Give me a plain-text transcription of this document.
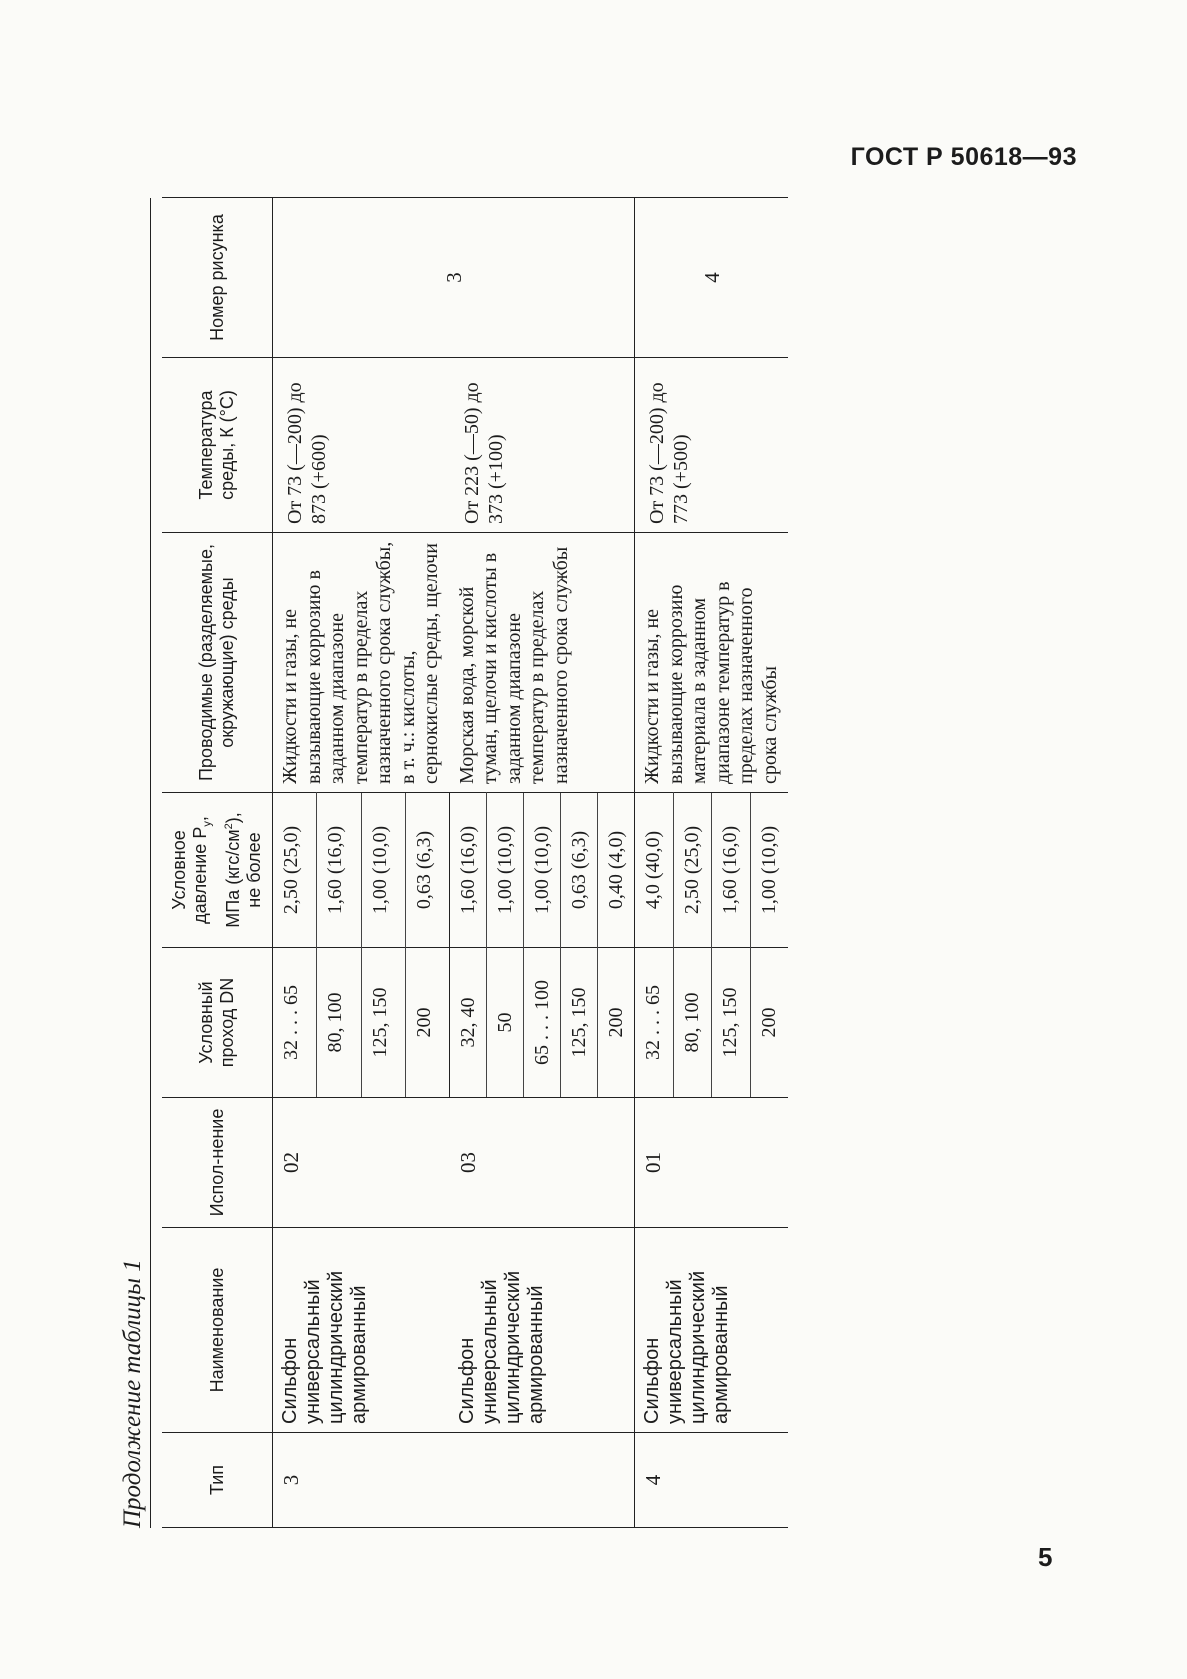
ГОСТ Р 50618—93
Продолжение таблицы 1	Тип	Наименование	Испол-нение	Условный проход DN	Условное давление $P_у$, МПа $(кгс/см^2)$, не более	Проводимые (разделяемые, окружающие) среды	Температура среды, К (°С)	Номер рисунка
3	Сильфон универсальный цилиндрический армированный	02	32 . . . 65	2,50 (25,0)	Жидкости и газы, не вызывающие коррозию в заданном диапазоне температур в пределах назначенного срока службы, в т. ч.: кислоты, сернокислые среды, щелочи	От 73 (—200) до 873 (+600)	3
			80, 100	1,60 (16,0)			
			125, 150	1,00 (10,0)			
			200	0,63 (6,3)			
	Сильфон универсальный цилиндрический армированный	03	32, 40	1,60 (16,0)	Морская вода, морской туман, щелочи и кислоты в заданном диапазоне температур в пределах назначенного срока службы	От 223 (—50) до 373 (+100)	
			50	1,00 (10,0)			
			65 . . . 100	1,00 (10,0)			
			125, 150	0,63 (6,3)			
			200	0,40 (4,0)			
4	Сильфон универсальный цилиндрический армированный	01	32 . . . 65	4,0 (40,0)	Жидкости и газы, не вызывающие коррозию материала в заданном диапазоне температур в пределах назначенного срока службы	От 73 (—200) до 773 (+500)	4
			80, 100	2,50 (25,0)			
			125, 150	1,60 (16,0)			
			200	1,00 (10,0)			
5
